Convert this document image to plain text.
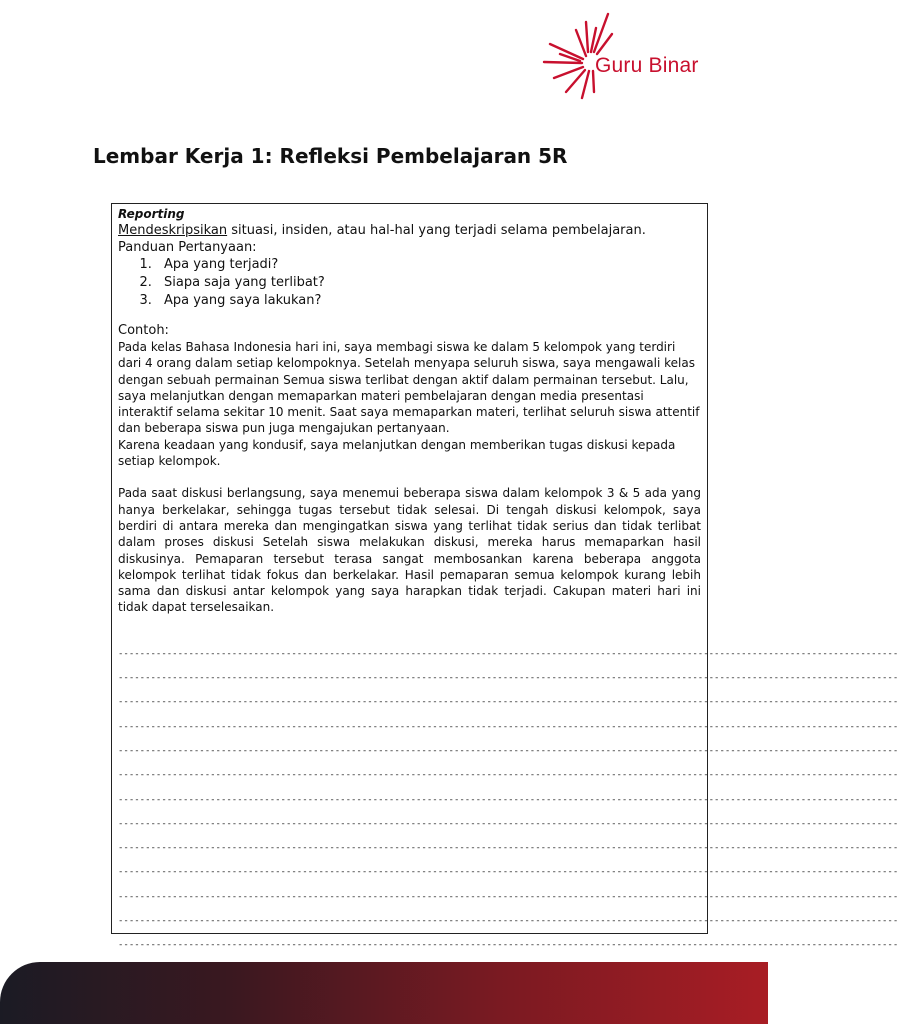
Guru Binar
Lembar Kerja 1: Refleksi Pembelajaran 5R
Reporting
Mendeskripsikan situasi, insiden, atau hal-hal yang terjadi selama pembelajaran.
Panduan Pertanyaan:
1. Apa yang terjadi?
2. Siapa saja yang terlibat?
3. Apa yang saya lakukan?
Contoh:

Pada kelas Bahasa Indonesia hari ini, saya membagi siswa ke dalam 5 kelompok yang terdiri dari 4 orang dalam setiap kelompoknya. Setelah menyapa seluruh siswa, saya mengawali kelas dengan sebuah permainan Semua siswa terlibat dengan aktif dalam permainan tersebut. Lalu, saya melanjutkan dengan memaparkan materi pembelajaran dengan media presentasi interaktif selama sekitar 10 menit. Saat saya memaparkan materi, terlihat seluruh siswa attentif dan beberapa siswa pun juga mengajukan pertanyaan.

Karena keadaan yang kondusif, saya melanjutkan dengan memberikan tugas diskusi kepada setiap kelompok.

Pada saat diskusi berlangsung, saya menemui beberapa siswa dalam kelompok 3 & 5 ada yang hanya berkelakar, sehingga tugas tersebut tidak selesai. Di tengah diskusi kelompok, saya berdiri di antara mereka dan mengingatkan siswa yang terlihat tidak serius dan tidak terlibat dalam proses diskusi Setelah siswa melakukan diskusi, mereka harus memaparkan hasil diskusinya. Pemaparan tersebut terasa sangat membosankan karena beberapa anggota kelompok terlihat tidak fokus dan berkelakar. Hasil pemaparan semua kelompok kurang lebih sama dan diskusi antar kelompok yang saya harapkan tidak terjadi. Cakupan materi hari ini tidak dapat terselesaikan.

------------------------------------------------------------------------------------------------------------------------------------------------
------------------------------------------------------------------------------------------------------------------------------------------------
------------------------------------------------------------------------------------------------------------------------------------------------
------------------------------------------------------------------------------------------------------------------------------------------------
------------------------------------------------------------------------------------------------------------------------------------------------
------------------------------------------------------------------------------------------------------------------------------------------------
------------------------------------------------------------------------------------------------------------------------------------------------
------------------------------------------------------------------------------------------------------------------------------------------------
------------------------------------------------------------------------------------------------------------------------------------------------
------------------------------------------------------------------------------------------------------------------------------------------------
------------------------------------------------------------------------------------------------------------------------------------------------
------------------------------------------------------------------------------------------------------------------------------------------------
------------------------------------------------------------------------------------------------------------------------------------------------
